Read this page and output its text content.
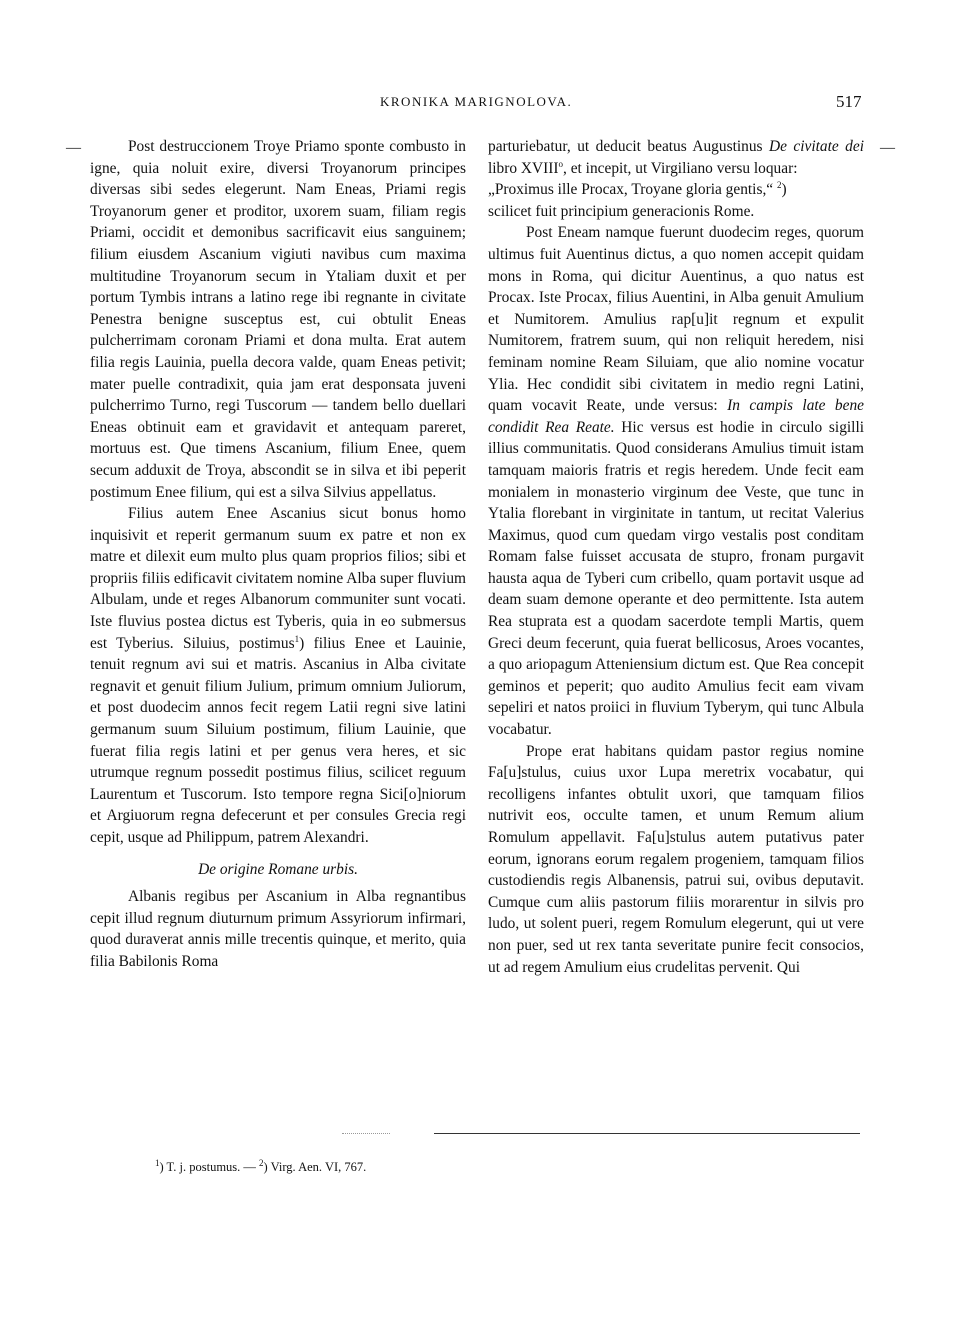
KRONIKA MARIGNOLOVA.	517
—	—

Post destruccionem Troye Priamo sponte combusto in igne, quia noluit exire, diversi Troyanorum principes diversas sibi sedes elegerunt. Nam Eneas, Priami regis Troyanorum gener et proditor, uxorem suam, filiam regis Priami, occidit et demonibus sacrificavit eius sanguinem; filium eiusdem Ascanium vigiuti navibus cum maxima multitudine Troyanorum secum in Ytaliam duxit et per portum Tymbis intrans a latino rege ibi regnante in civitate Penestra benigne susceptus est, cui obtulit Eneas pulcherrimam coronam Priami et dona multa. Erat autem filia regis Lauinia, puella decora valde, quam Eneas petivit; mater puelle contradixit, quia jam erat desponsata juveni pulcherrimo Turno, regi Tuscorum — tandem bello duellari Eneas obtinuit eam et gravidavit et antequam pareret, mortuus est. Que timens Ascanium, filium Enee, quem secum adduxit de Troya, abscondit se in silva et ibi peperit postimum Enee filium, qui est a silva Silvius appellatus.

Filius autem Enee Ascanius sicut bonus homo inquisivit et reperit germanum suum ex patre et non ex matre et dilexit eum multo plus quam proprios filios; sibi et propriis filiis edificavit civitatem nomine Alba super fluvium Albulam, unde et reges Albanorum communiter sunt vocati. Iste fluvius postea dictus est Tyberis, quia in eo submersus est Tyberius. Siluius, postimus$^1$) filius Enee et Lauinie, tenuit regnum avi sui et matris. Ascanius in Alba civitate regnavit et genuit filium Julium, primum omnium Juliorum, et post duodecim annos fecit regem Latii regni sive latini germanum suum Siluium postimum, filium Lauinie, que fuerat filia regis latini et per genus vera heres, et sic utrumque regnum possedit postimus filius, scilicet reguum Laurentum et Tuscorum. Isto tempore regna Sici[o]niorum et Argiuorum regna defecerunt et per consules Grecia regi cepit, usque ad Philippum, patrem Alexandri.

De origine Romane urbis.

Albanis regibus per Ascanium in Alba regnantibus cepit illud regnum diuturnum primum Assyriorum infirmari, quod duraverat annis mille trecentis quinque, et merito, quia filia Babilonis Roma

parturiebatur, ut deducit beatus Augustinus De civitate dei libro XVIII$^o$, et incepit, ut Virgiliano versu loquar:

„Proximus ille Procax, Troyane gloria gentis,“ $^2$)

scilicet fuit principium generacionis Rome.

Post Eneam namque fuerunt duodecim reges, quorum ultimus fuit Auentinus dictus, a quo nomen accepit quidam mons in Roma, qui dicitur Auentinus, a quo natus est Procax. Iste Procax, filius Auentini, in Alba genuit Amulium et Numitorem. Amulius rap[u]it regnum et expulit Numitorem, fratrem suum, qui non reliquit heredem, nisi feminam nomine Ream Siluiam, que alio nomine vocatur Ylia. Hec condidit sibi civitatem in medio regni Latini, quam vocavit Reate, unde versus: In campis late bene condidit Rea Reate. Hic versus est hodie in circulo sigilli illius communitatis. Quod considerans Amulius timuit istam tamquam maioris fratris et regis heredem. Unde fecit eam monialem in monasterio virginum dee Veste, que tunc in Ytalia florebant in virginitate in tantum, ut recitat Valerius Maximus, quod cum quedam virgo vestalis post conditam Romam false fuisset accusata de stupro, fronam purgavit hausta aqua de Tyberi cum cribello, quam portavit usque ad deam suam demone operante et deo permittente. Ista autem Rea stuprata est a quodam sacerdote templi Martis, quem Greci deum fecerunt, quia fuerat bellicosus, Aroes vocantes, a quo ariopagum Atteniensium dictum est. Que Rea concepit geminos et peperit; quo audito Amulius fecit eam vivam sepeliri et natos proiici in fluvium Tyberym, qui tunc Albula vocabatur.

Prope erat habitans quidam pastor regius nomine Fa[u]stulus, cuius uxor Lupa meretrix vocabatur, qui recolligens infantes obtulit uxori, que tamquam filios nutrivit eos, occulte tamen, et unum Remum alium Romulum appellavit. Fa[u]stulus autem putativus pater eorum, ignorans eorum regalem progeniem, tamquam filios custodiendis regis Albanensis, patrui sui, ovibus deputavit. Cumque cum aliis pastorum filiis morarentur in silvis pro ludo, ut solent pueri, regem Romulum elegerunt, qui ut vere non puer, sed ut rex tanta severitate punire fecit consocios, ut ad regem Amulium eius crudelitas pervenit. Qui

$^1$) T. j. postumus. — $^2$) Virg. Aen. VI, 767.
